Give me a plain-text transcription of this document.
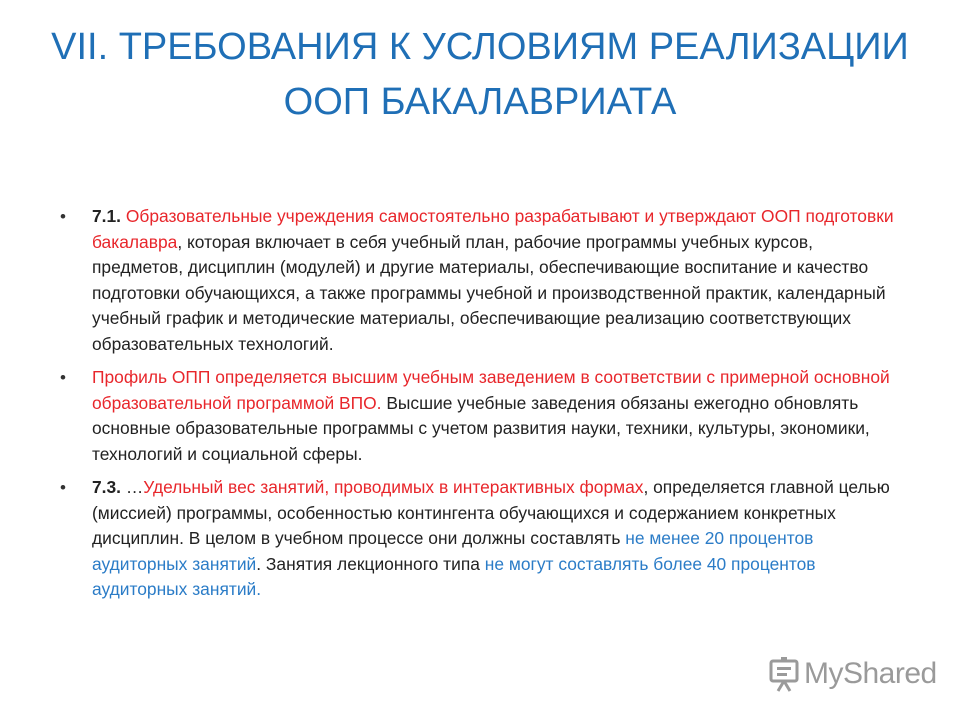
VII. ТРЕБОВАНИЯ К УСЛОВИЯМ РЕАЛИЗАЦИИ
ООП БАКАЛАВРИАТА
• 7.1. Образовательные учреждения самостоятельно разрабатывают и утверждают ООП подготовки бакалавра, которая включает в себя учебный план, рабочие программы учебных курсов, предметов, дисциплин (модулей) и другие материалы, обеспечивающие воспитание и качество подготовки обучающихся, а также программы учебной и производственной практик, календарный учебный график и методические материалы, обеспечивающие реализацию соответствующих образовательных технологий.
• Профиль ОПП определяется высшим учебным заведением в соответствии с примерной основной образовательной программой ВПО. Высшие учебные заведения обязаны ежегодно обновлять основные образовательные программы с учетом развития науки, техники, культуры, экономики, технологий и социальной сферы.
• 7.3. …Удельный вес занятий, проводимых в интерактивных формах, определяется главной целью (миссией) программы, особенностью контингента обучающихся и содержанием конкретных дисциплин. В целом в учебном процессе они должны составлять не менее 20 процентов аудиторных занятий. Занятия лекционного типа не могут составлять более 40 процентов аудиторных занятий.
MyShared
